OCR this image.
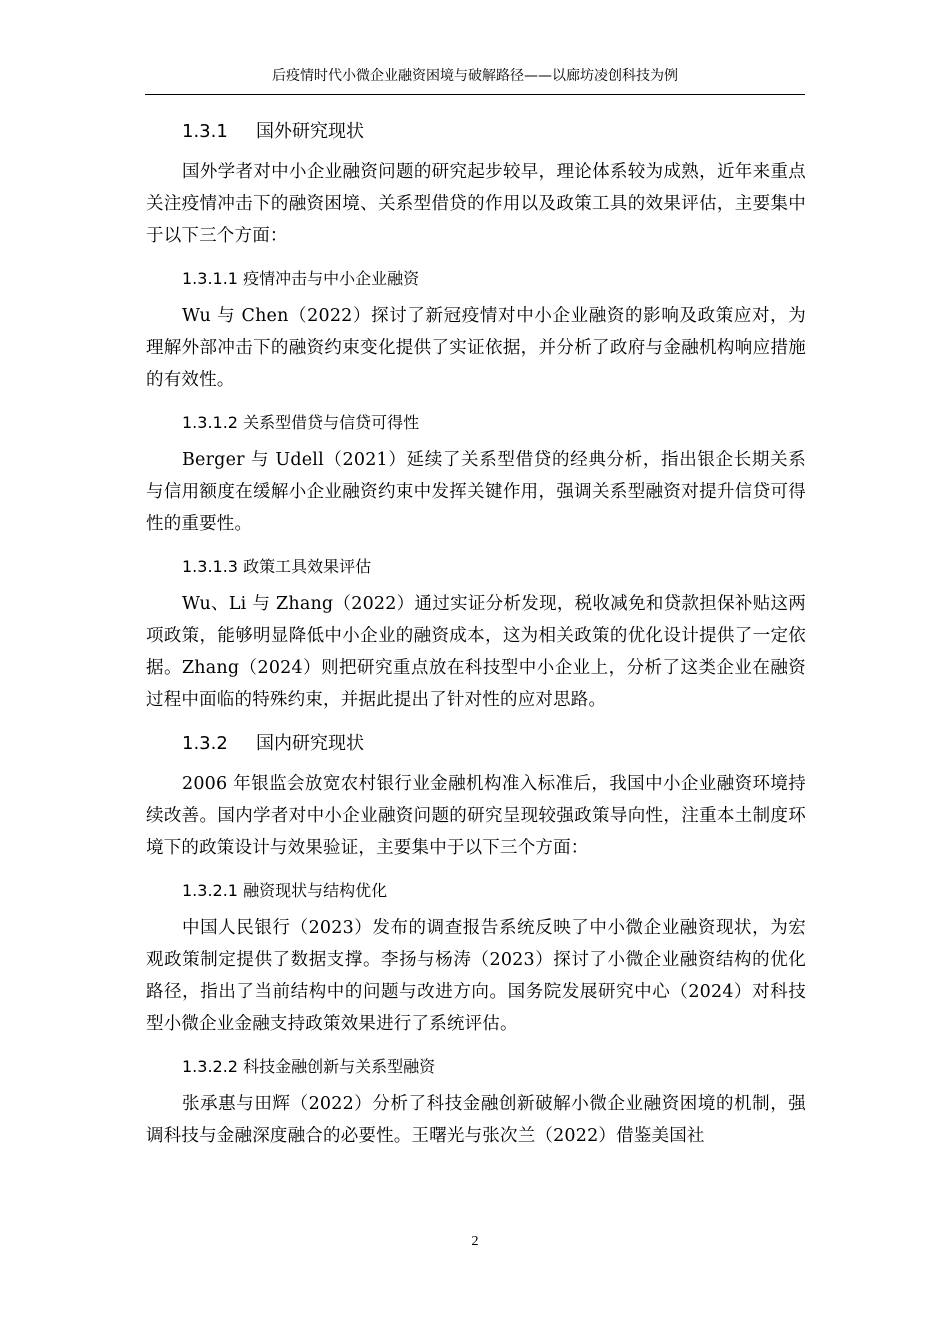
后疫情时代小微企业融资困境与破解路径——以廊坊凌创科技为例
1.3.1 国外研究现状

国外学者对中小企业融资问题的研究起步较早，理论体系较为成熟，近年来重点关注疫情冲击下的融资困境、关系型借贷的作用以及政策工具的效果评估，主要集中于以下三个方面：

1.3.1.1 疫情冲击与中小企业融资

Wu 与 Chen（2022）探讨了新冠疫情对中小企业融资的影响及政策应对，为理解外部冲击下的融资约束变化提供了实证依据，并分析了政府与金融机构响应措施的有效性。

1.3.1.2 关系型借贷与信贷可得性

Berger 与 Udell（2021）延续了关系型借贷的经典分析，指出银企长期关系与信用额度在缓解小企业融资约束中发挥关键作用，强调关系型融资对提升信贷可得性的重要性。

1.3.1.3 政策工具效果评估

Wu、Li 与 Zhang（2022）通过实证分析发现，税收减免和贷款担保补贴这两项政策，能够明显降低中小企业的融资成本，这为相关政策的优化设计提供了一定依据。Zhang（2024）则把研究重点放在科技型中小企业上，分析了这类企业在融资过程中面临的特殊约束，并据此提出了针对性的应对思路。

1.3.2 国内研究现状

2006 年银监会放宽农村银行业金融机构准入标准后，我国中小企业融资环境持续改善。国内学者对中小企业融资问题的研究呈现较强政策导向性，注重本土制度环境下的政策设计与效果验证，主要集中于以下三个方面：

1.3.2.1 融资现状与结构优化

中国人民银行（2023）发布的调查报告系统反映了中小微企业融资现状，为宏观政策制定提供了数据支撑。李扬与杨涛（2023）探讨了小微企业融资结构的优化路径，指出了当前结构中的问题与改进方向。国务院发展研究中心（2024）对科技型小微企业金融支持政策效果进行了系统评估。

1.3.2.2 科技金融创新与关系型融资

张承惠与田辉（2022）分析了科技金融创新破解小微企业融资困境的机制，强调科技与金融深度融合的必要性。王曙光与张次兰（2022）借鉴美国社

2
